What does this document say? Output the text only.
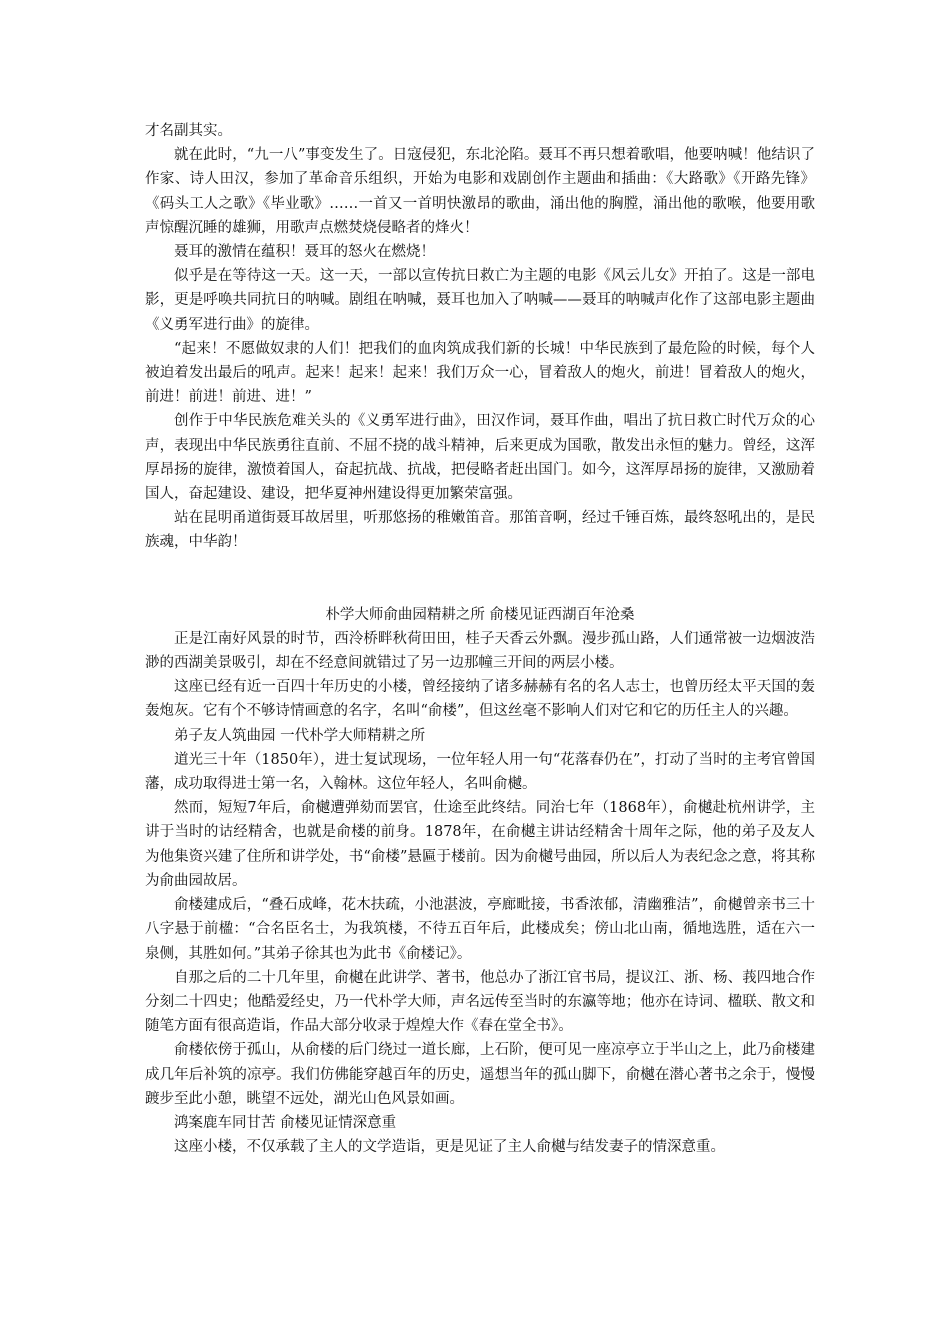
才名副其实。

就在此时，“九一八”事变发生了。日寇侵犯，东北沦陷。聂耳不再只想着歌唱，他要呐喊！他结识了作家、诗人田汉，参加了革命音乐组织，开始为电影和戏剧创作主题曲和插曲：《大路歌》《开路先锋》《码头工人之歌》《毕业歌》……一首又一首明快激昂的歌曲，涌出他的胸膛，涌出他的歌喉，他要用歌声惊醒沉睡的雄狮，用歌声点燃焚烧侵略者的烽火！

聂耳的激情在蕴积！聂耳的怒火在燃烧！

似乎是在等待这一天。这一天，一部以宣传抗日救亡为主题的电影《风云儿女》开拍了。这是一部电影，更是呼唤共同抗日的呐喊。剧组在呐喊，聂耳也加入了呐喊——聂耳的呐喊声化作了这部电影主题曲《义勇军进行曲》的旋律。

“起来！不愿做奴隶的人们！把我们的血肉筑成我们新的长城！中华民族到了最危险的时候，每个人被迫着发出最后的吼声。起来！起来！起来！我们万众一心，冒着敌人的炮火，前进！冒着敌人的炮火，前进！前进！前进、进！”

创作于中华民族危难关头的《义勇军进行曲》，田汉作词，聂耳作曲，唱出了抗日救亡时代万众的心声，表现出中华民族勇往直前、不屈不挠的战斗精神，后来更成为国歌，散发出永恒的魅力。曾经，这浑厚昂扬的旋律，激愤着国人，奋起抗战、抗战，把侵略者赶出国门。如今，这浑厚昂扬的旋律，又激励着国人，奋起建设、建设，把华夏神州建设得更加繁荣富强。

站在昆明甬道街聂耳故居里，听那悠扬的稚嫩笛音。那笛音啊，经过千锤百炼，最终怒吼出的，是民族魂，中华韵！

朴学大师俞曲园精耕之所 俞楼见证西湖百年沧桑

正是江南好风景的时节，西泠桥畔秋荷田田，桂子天香云外飘。漫步孤山路，人们通常被一边烟波浩渺的西湖美景吸引，却在不经意间就错过了另一边那幢三开间的两层小楼。

这座已经有近一百四十年历史的小楼，曾经接纳了诸多赫赫有名的名人志士，也曾历经太平天国的轰轰炮灰。它有个不够诗情画意的名字，名叫“俞楼”，但这丝毫不影响人们对它和它的历任主人的兴趣。

弟子友人筑曲园 一代朴学大师精耕之所

道光三十年（1850年），进士复试现场，一位年轻人用一句“花落春仍在”，打动了当时的主考官曾国藩，成功取得进士第一名，入翰林。这位年轻人，名叫俞樾。

然而，短短7年后，俞樾遭弹劾而罢官，仕途至此终结。同治七年（1868年），俞樾赴杭州讲学，主讲于当时的诂经精舍，也就是俞楼的前身。1878年，在俞樾主讲诂经精舍十周年之际，他的弟子及友人为他集资兴建了住所和讲学处，书“俞楼”悬匾于楼前。因为俞樾号曲园，所以后人为表纪念之意，将其称为俞曲园故居。

俞楼建成后，“叠石成峰，花木扶疏，小池湛波，亭廊毗接，书香浓郁，清幽雅洁”，俞樾曾亲书三十八字悬于前楹：“合名臣名士，为我筑楼，不待五百年后，此楼成矣；傍山北山南，循地选胜，适在六一泉侧，其胜如何。”其弟子徐其也为此书《俞楼记》。

自那之后的二十几年里，俞樾在此讲学、著书，他总办了浙江官书局，提议江、浙、杨、莪四地合作分刻二十四史；他酷爱经史，乃一代朴学大师，声名远传至当时的东瀛等地；他亦在诗词、楹联、散文和随笔方面有很高造诣，作品大部分收录于煌煌大作《春在堂全书》。

俞楼依傍于孤山，从俞楼的后门绕过一道长廊，上石阶，便可见一座凉亭立于半山之上，此乃俞楼建成几年后补筑的凉亭。我们仿佛能穿越百年的历史，遥想当年的孤山脚下，俞樾在潜心著书之余于，慢慢踱步至此小憩，眺望不远处，湖光山色风景如画。

鸿案鹿车同甘苦 俞楼见证情深意重

这座小楼，不仅承载了主人的文学造诣，更是见证了主人俞樾与结发妻子的情深意重。
